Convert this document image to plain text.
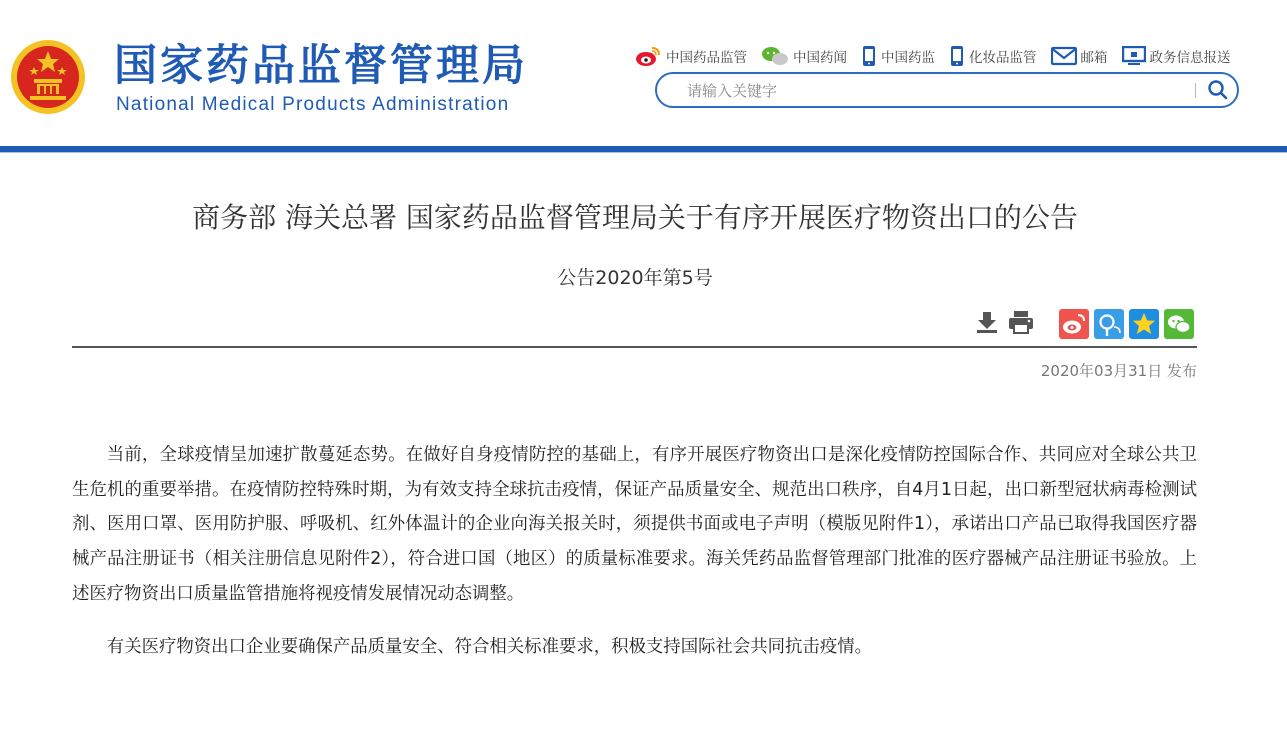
国家药品监督管理局
National Medical Products Administration
中国药品监管	中国药闻	中国药监	化妆品监管	邮箱	政务信息报送
请输入关键字
商务部 海关总署 国家药品监督管理局关于有序开展医疗物资出口的公告
公告2020年第5号
2020年03月31日 发布

当前，全球疫情呈加速扩散蔓延态势。在做好自身疫情防控的基础上，有序开展医疗物资出口是深化疫情防控国际合作、共同应对全球公共卫生危机的重要举措。在疫情防控特殊时期，为有效支持全球抗击疫情，保证产品质量安全、规范出口秩序，自4月1日起，出口新型冠状病毒检测试剂、医用口罩、医用防护服、呼吸机、红外体温计的企业向海关报关时，须提供书面或电子声明（模版见附件1），承诺出口产品已取得我国医疗器械产品注册证书（相关注册信息见附件2），符合进口国（地区）的质量标准要求。海关凭药品监督管理部门批准的医疗器械产品注册证书验放。上述医疗物资出口质量监管措施将视疫情发展情况动态调整。

有关医疗物资出口企业要确保产品质量安全、符合相关标准要求，积极支持国际社会共同抗击疫情。
